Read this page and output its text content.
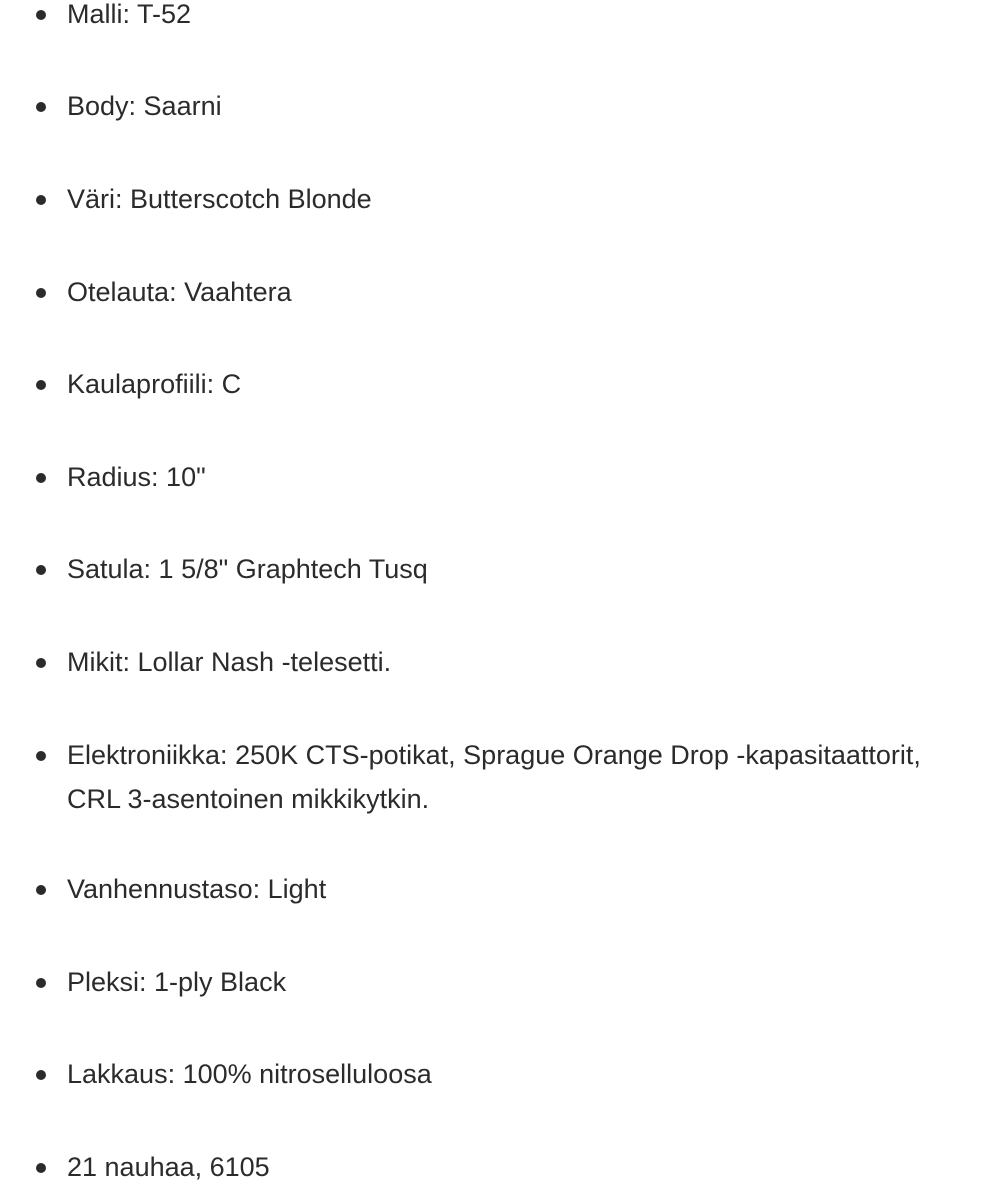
Malli: T-52
Body: Saarni
Väri: Butterscotch Blonde
Otelauta: Vaahtera
Kaulaprofiili: C
Radius: 10"
Satula: 1 5/8" Graphtech Tusq
Mikit: Lollar Nash -telesetti.
Elektroniikka: 250K CTS-potikat, Sprague Orange Drop -kapasitaattorit,
CRL 3-asentoinen mikkikytkin.
Vanhennustaso: Light
Pleksi: 1-ply Black
Lakkaus: 100% nitroselluloosa
21 nauhaa, 6105
